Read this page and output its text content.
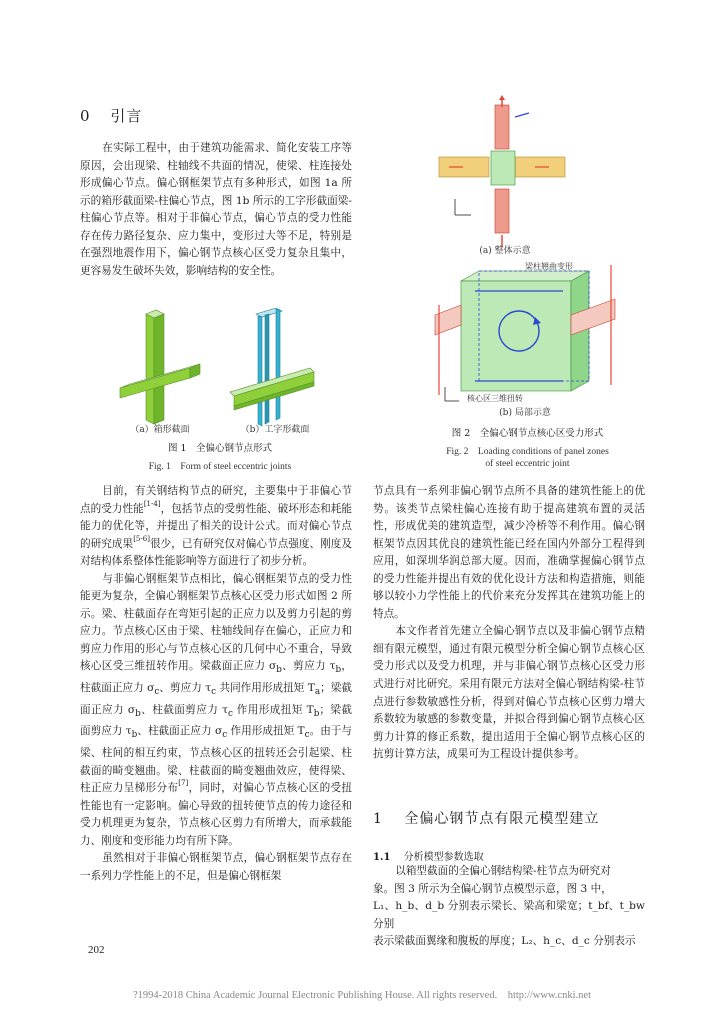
0 引言

在实际工程中，由于建筑功能需求、简化安装工序等原因，会出现梁、柱轴线不共面的情况，使梁、柱连接处形成偏心节点。偏心钢框架节点有多种形式，如图 1a 所示的箱形截面梁-柱偏心节点，图 1b 所示的工字形截面梁-柱偏心节点等。相对于非偏心节点，偏心节点的受力性能存在传力路径复杂、应力集中，变形过大等不足，特别是在强烈地震作用下，偏心钢节点核心区受力复杂且集中，更容易发生破坏失效，影响结构的安全性。

（a）箱形截面	（b）工字形截面
图 1　全偏心钢节点形式
Fig. 1　Form of steel eccentric joints
(a) 整体示意
梁柱翘曲变形
核心区三维扭转
(b) 局部示意
图 2　全偏心钢节点核心区受力形式
Fig. 2　Loading conditions of panel zones
of steel eccentric joint

目前，有关钢结构节点的研究，主要集中于非偏心节点的受力性能[1-4]，包括节点的受剪性能、破坏形态和耗能能力的优化等，并提出了相关的设计公式。而对偏心节点的研究成果[5-6]很少，已有研究仅对偏心节点强度、刚度及对结构体系整体性能影响等方面进行了初步分析。

与非偏心钢框架节点相比，偏心钢框架节点的受力性能更为复杂，全偏心钢框架节点核心区受力形式如图 2 所示。梁、柱截面存在弯矩引起的正应力以及剪力引起的剪应力。节点核心区由于梁、柱轴线间存在偏心，正应力和剪应力作用的形心与节点核心区的几何中心不重合，导致核心区受三维扭转作用。梁截面正应力 $\sigma_b$、剪应力 $\tau_b$，柱截面正应力 $\sigma_c$、剪应力 $\tau_c$ 共同作用形成扭矩 $T_a$；梁截面正应力 $\sigma_b$、柱截面剪应力 $\tau_c$ 作用形成扭矩 $T_b$；梁截面剪应力 $\tau_b$、柱截面正应力 $\sigma_c$ 作用形成扭矩 $T_c$。由于与梁、柱间的相互约束，节点核心区的扭转还会引起梁、柱截面的畸变翘曲。梁、柱截面的畸变翘曲效应，使得梁、柱正应力呈梯形分布[7]，同时，对偏心节点核心区的受扭性能也有一定影响。偏心导致的扭转使节点的传力途径和受力机理更为复杂，节点核心区剪力有所增大，而承载能力、刚度和变形能力均有所下降。

虽然相对于非偏心钢框架节点，偏心钢框架节点存在一系列力学性能上的不足，但是偏心钢框架

节点具有一系列非偏心钢节点所不具备的建筑性能上的优势。该类节点梁柱偏心连接有助于提高建筑布置的灵活性，形成优美的建筑造型，减少冷桥等不利作用。偏心钢框架节点因其优良的建筑性能已经在国内外部分工程得到应用，如深圳华润总部大厦。因而，准确掌握偏心钢节点的受力性能并提出有效的优化设计方法和构造措施，则能够以较小力学性能上的代价来充分发挥其在建筑功能上的特点。

本文作者首先建立全偏心钢节点以及非偏心钢节点精细有限元模型，通过有限元模型分析全偏心钢节点核心区受力形式以及受力机理，并与非偏心钢节点核心区受力形式进行对比研究。采用有限元方法对全偏心钢结构梁-柱节点进行参数敏感性分析，得到对偏心节点核心区剪力增大系数较为敏感的参数变量，并拟合得到偏心钢节点核心区剪力计算的修正系数，提出适用于全偏心钢节点核心区的抗剪计算方法，成果可为工程设计提供参考。

1 全偏心钢节点有限元模型建立
1.1 分析模型参数选取

以箱型截面的全偏心钢结构梁-柱节点为研究对

象。图 3 所示为全偏心钢节点模型示意，图 3 中，

L₁、h_b、d_b 分别表示梁长、梁高和梁宽；t_bf、t_bw 分别

表示梁截面翼缘和腹板的厚度；L₂、h_c、d_c 分别表示

202
?1994-2018 China Academic Journal Electronic Publishing House. All rights reserved.    http://www.cnki.net
